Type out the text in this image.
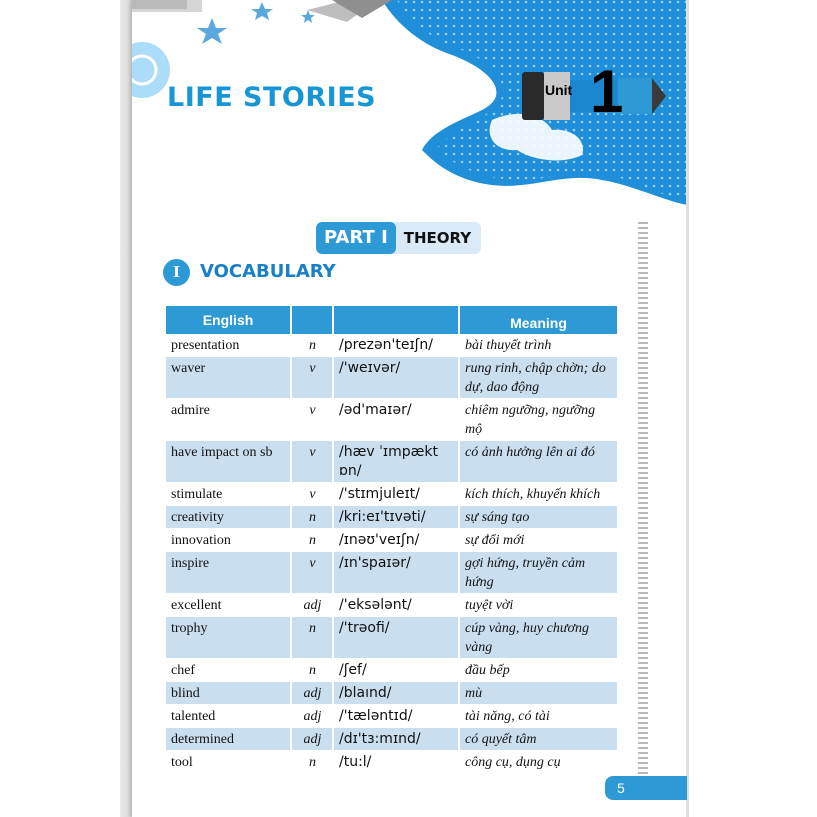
LIFE STORIES	Unit 1
PART I	THEORY
I	VOCABULARY
English			Meaning
presentation	n	/prezən'teɪʃn/	bài thuyết trình
waver	v	/'weɪvər/	rung rinh, chập chờn; do dự, dao động
admire	v	/əd'maɪər/	chiêm ngưỡng, ngưỡng mộ
have impact on sb	v	/hæv ˈɪmpækt ɒn/	có ảnh hưởng lên ai đó
stimulate	v	/'stɪmjuleɪt/	kích thích, khuyến khích
creativity	n	/kri:eɪ'tɪvəti/	sự sáng tạo
innovation	n	/ɪnəʊ'veɪʃn/	sự đổi mới
inspire	v	/ɪn'spaɪər/	gợi hứng, truyền cảm hứng
excellent	adj	/'eksələnt/	tuyệt vời
trophy	n	/'trəofi/	cúp vàng, huy chương vàng
chef	n	/ʃef/	đầu bếp
blind	adj	/blaınd/	mù
talented	adj	/'tæləntɪd/	tài năng, có tài
determined	adj	/dɪ'tɜ:mɪnd/	có quyết tâm
tool	n	/tu:l/	công cụ, dụng cụ
5
